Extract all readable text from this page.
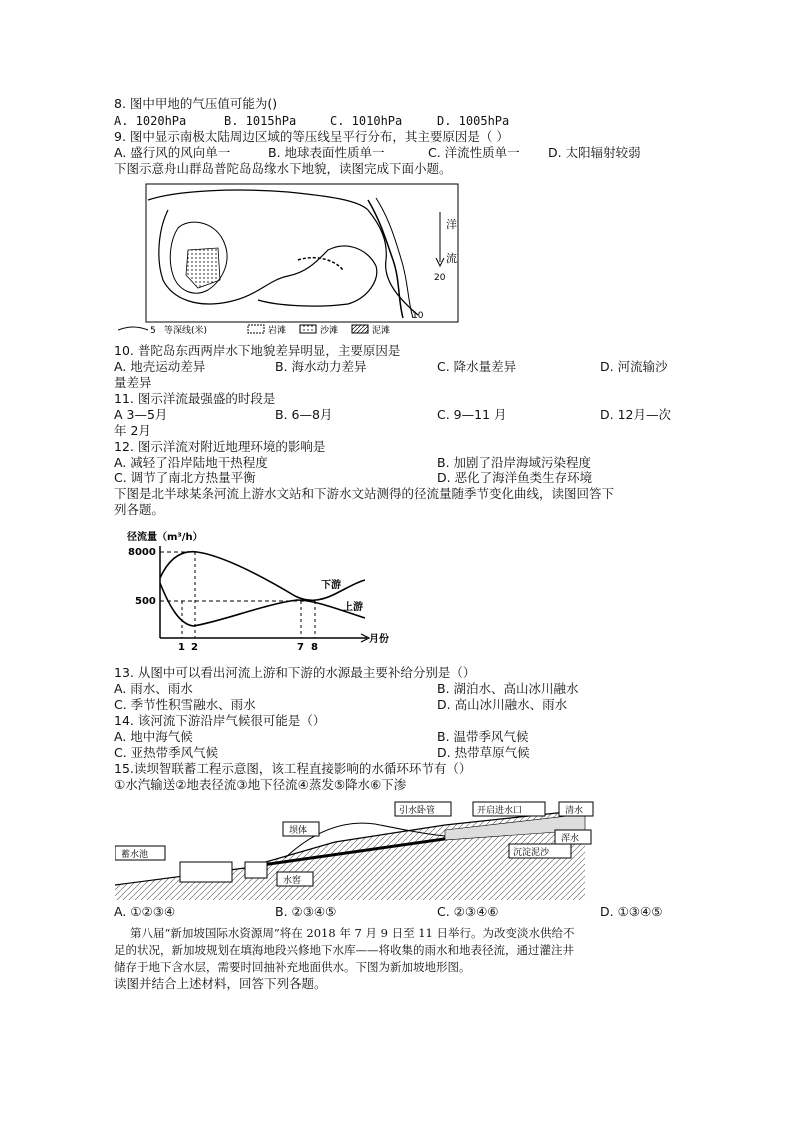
8. 图中甲地的气压值可能为()
A. 1020hPa	B. 1015hPa	C. 1010hPa	D. 1005hPa
9. 图中显示南极太陆周边区域的等压线呈平行分布，其主要原因是（ ）
A. 盛行风的风向单一	B. 地球表面性质单一	C. 洋流性质单一 D. 太阳辐射较弱
下图示意舟山群岛普陀岛岛缘水下地貌，读图完成下面小题。
洋
流
20
10
5 等深线(米)	岩滩	沙滩	泥滩
10. 普陀岛东西两岸水下地貌差异明显，主要原因是
A. 地壳运动差异	B. 海水动力差异	C. 降水量差异	D. 河流输沙
量差异
11. 图示洋流最强盛的时段是
A 3—5月	B. 6—8月	C. 9—11 月	D. 12月—次
年 2月
12. 图示洋流对附近地理环境的影响是
A. 减轻了沿岸陆地干热程度	B. 加剧了沿岸海域污染程度
C. 调节了南北方热量平衡	D. 恶化了海洋鱼类生存环境
下图是北半球某条河流上游水文站和下游水文站测得的径流量随季节变化曲线，读图回答下
列各题。
径流量（m³/h）
月份
8000
500
下游
上游
1 2	7 8
13. 从图中可以看出河流上游和下游的水源最主要补给分别是（）
A. 雨水、雨水	B. 湖泊水、高山冰川融水
C. 季节性积雪融水、雨水	D. 高山冰川融水、雨水
14. 该河流下游沿岸气候很可能是（）
A. 地中海气候	B. 温带季风气候
C. 亚热带季风气候	D. 热带草原气候
15.读坝智联蓄工程示意图，该工程直接影响的水循环环节有（）
①水汽输送②地表径流③地下径流④蒸发⑤降水⑥下渗
引水卧管	开启进水口	清水
坝体
浑水
沉淀泥沙
蓄水池
水窖
A. ①②③④	B. ②③④⑤	C. ②③④⑥	D. ①③④⑤
第八届“新加坡国际水资源周”将在 2018 年 7 月 9 日至 11 日举行。为改变淡水供给不
足的状况，新加坡规划在填海地段兴修地下水库——将收集的雨水和地表径流，通过灌注井
储存于地下含水层，需要时回抽补充地面供水。下图为新加坡地形图。
读图并结合上述材料，回答下列各题。
